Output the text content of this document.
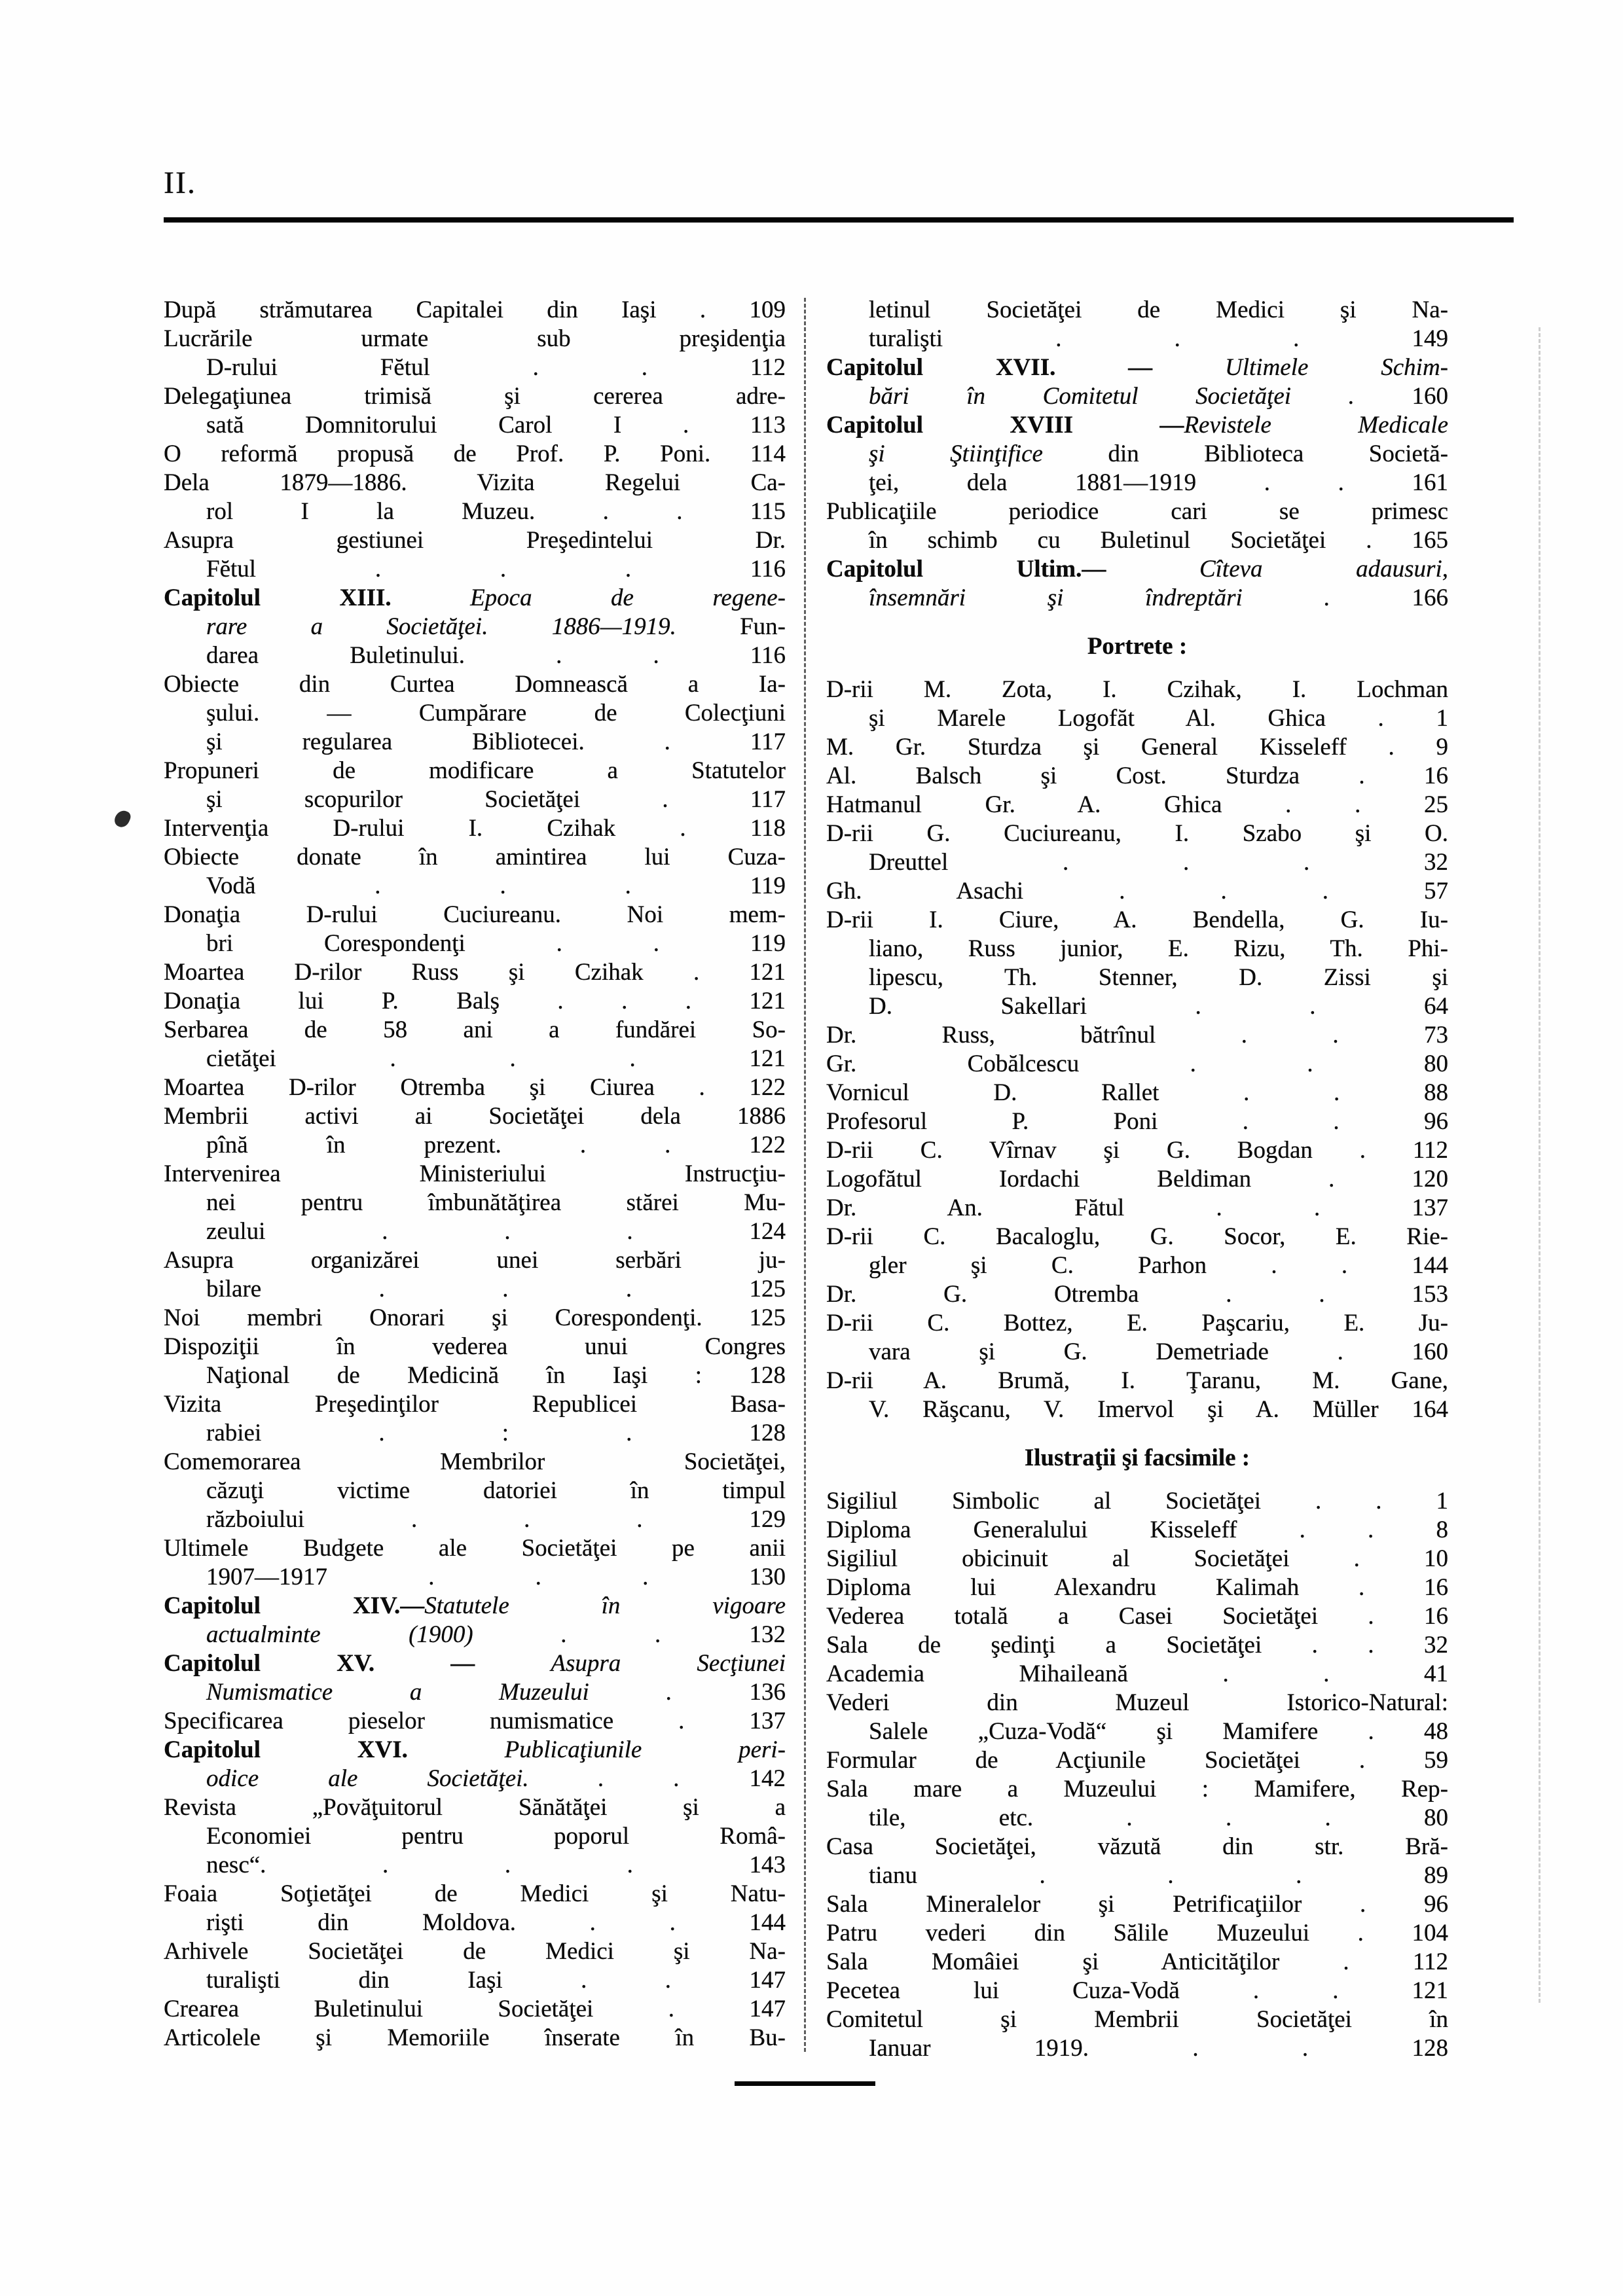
II.
După strămutarea Capitalei din Iaşi . 109
Lucrările urmate sub preşidenţia
D-rului Fĕtul . .	112
Delegaţiunea trimisă şi cererea adre-
sată Domnitorului Carol I .	113
O reformă propusă de Prof. P. Poni. 114
Dela 1879—1886. Vizita Regelui Ca-
rol I la Muzeu. . .	115
Asupra gestiunei Preşedintelui Dr.
Fĕtul . . .	116
Capitolul XIII. Epoca de regene-
rare a Societăţei. 1886—1919. Fun-
darea Buletinului. . .	116
Obiecte din Curtea Domnească a Ia-
şului. — Cumpărare de Colecţiuni
şi regularea Bibliotecei. .	117
Propuneri de modificare a Statutelor
şi scopurilor Societăţei .	117
Intervenţia D-rului I. Czihak .	118
Obiecte donate în amintirea lui Cuza-
Vodă . . .	119
Donaţia D-rului Cuciureanu. Noi mem-
bri Corespondenţi . .	119
Moartea D-rilor Russ şi Czihak . 121
Donaţia lui P. Balş . . . 121
Serbarea de 58 ani a fundărei So-
cietăţei . . .	121
Moartea D-rilor Otremba şi Ciurea . 122
Membrii activi ai Societăţei dela 1886
pînă în prezent. . .	122
Intervenirea Ministeriului Instrucţiu-
nei pentru îmbunătăţirea stărei Mu-
zeului . . .	124
Asupra organizărei unei serbări ju-
bilare . . .	125
Noi membri Onorari şi Corespondenţi. 125
Dispoziţii în vederea unui Congres
Naţional de Medicină în Iaşi : 128
Vizita Preşedinţilor Republicei Basa-
rabiei . : .	128
Comemorarea Membrilor Societăţei,
căzuţi victime datoriei în timpul
războiului . . .	129
Ultimele Budgete ale Societăţei pe anii
1907—1917 . . .	130
Capitolul XIV.—Statutele în vigoare
actualminte (1900) . .	132
Capitolul XV. — Asupra Secţiunei
Numismatice a Muzeului .	136
Specificarea pieselor numismatice .	137
Capitolul XVI. Publicaţiunile peri-
odice ale Societăţei. . .	142
Revista „Povăţuitorul Sănătăţei şi a
Economiei pentru poporul Româ-
nesc“. . . .	143
Foaia Soţietăţei de Medici şi Natu-
rişti din Moldova. . .	144
Arhivele Societăţei de Medici şi Na-
turalişti din Iaşi . .	147
Crearea Buletinului Societăţei .	147
Articolele şi Memoriile înserate în Bu-
letinul Societăţei de Medici şi Na-
turalişti . . .	149
Capitolul XVII. — Ultimele Schim-
bări în Comitetul Societăţei . 160
Capitolul XVIII —Revistele Medicale
şi Ştiinţifice din Biblioteca Societă-
ţei, dela 1881—1919 . .	161
Publicaţiile periodice cari se primesc
în schimb cu Buletinul Societăţei . 165
Capitolul Ultim.— Cîteva adausuri,
însemnări şi îndreptări .	166
Portrete :
D-rii M. Zota, I. Czihak, I. Lochman
şi Marele Logofăt Al. Ghica . 1
M. Gr. Sturdza şi General Kisseleff . 9
Al. Balsch şi Cost. Sturdza . 16
Hatmanul Gr. A. Ghica . .	25
D-rii G. Cuciureanu, I. Szabo şi O.
Dreuttel . . .	32
Gh. Asachi . . .	57
D-rii I. Ciure, A. Bendella, G. Iu-
liano, Russ junior, E. Rizu, Th. Phi-
lipescu, Th. Stenner, D. Zissi şi
D. Sakellari . .	64
Dr. Russ, bătrînul . .	73
Gr. Cobălcescu . .	80
Vornicul D. Rallet . .	88
Profesorul P. Poni . .	96
D-rii C. Vîrnav şi G. Bogdan . 112
Logofătul Iordachi Beldiman .	120
Dr. An. Fătul . .	137
D-rii C. Bacaloglu, G. Socor, E. Rie-
gler şi C. Parhon . .	144
Dr. G. Otremba . .	153
D-rii C. Bottez, E. Paşcariu, E. Ju-
vara şi G. Demetriade .	160
D-rii A. Brumă, I. Ţaranu, M. Gane,
V. Răşcanu, V. Imervol şi A. Müller 164
Ilustraţii şi facsimile :
Sigiliul Simbolic al Societăţei . . 1
Diploma Generalului Kisseleff . .	8
Sigiliul obicinuit al Societăţei .	10
Diploma lui Alexandru Kalimah . 16
Vederea totală a Casei Societăţei . 16
Sala de şedinţi a Societăţei . . 32
Academia Mihaileană . .	41
Vederi din Muzeul Istorico-Natural:
Salele „Cuza-Vodă“ şi Mamifere . 48
Formular de Acţiunile Societăţei . 59
Sala mare a Muzeului : Mamifere, Rep-
tile, etc. . . .	80
Casa Societăţei, văzută din str. Bră-
tianu . . .	89
Sala Mineralelor şi Petrificaţiilor . 96
Patru vederi din Sălile Muzeului . 104
Sala Momâiei şi Anticităţilor .	112
Pecetea lui Cuza-Vodă . .	121
Comitetul şi Membrii Societăţei în
Ianuar 1919. . .	128
